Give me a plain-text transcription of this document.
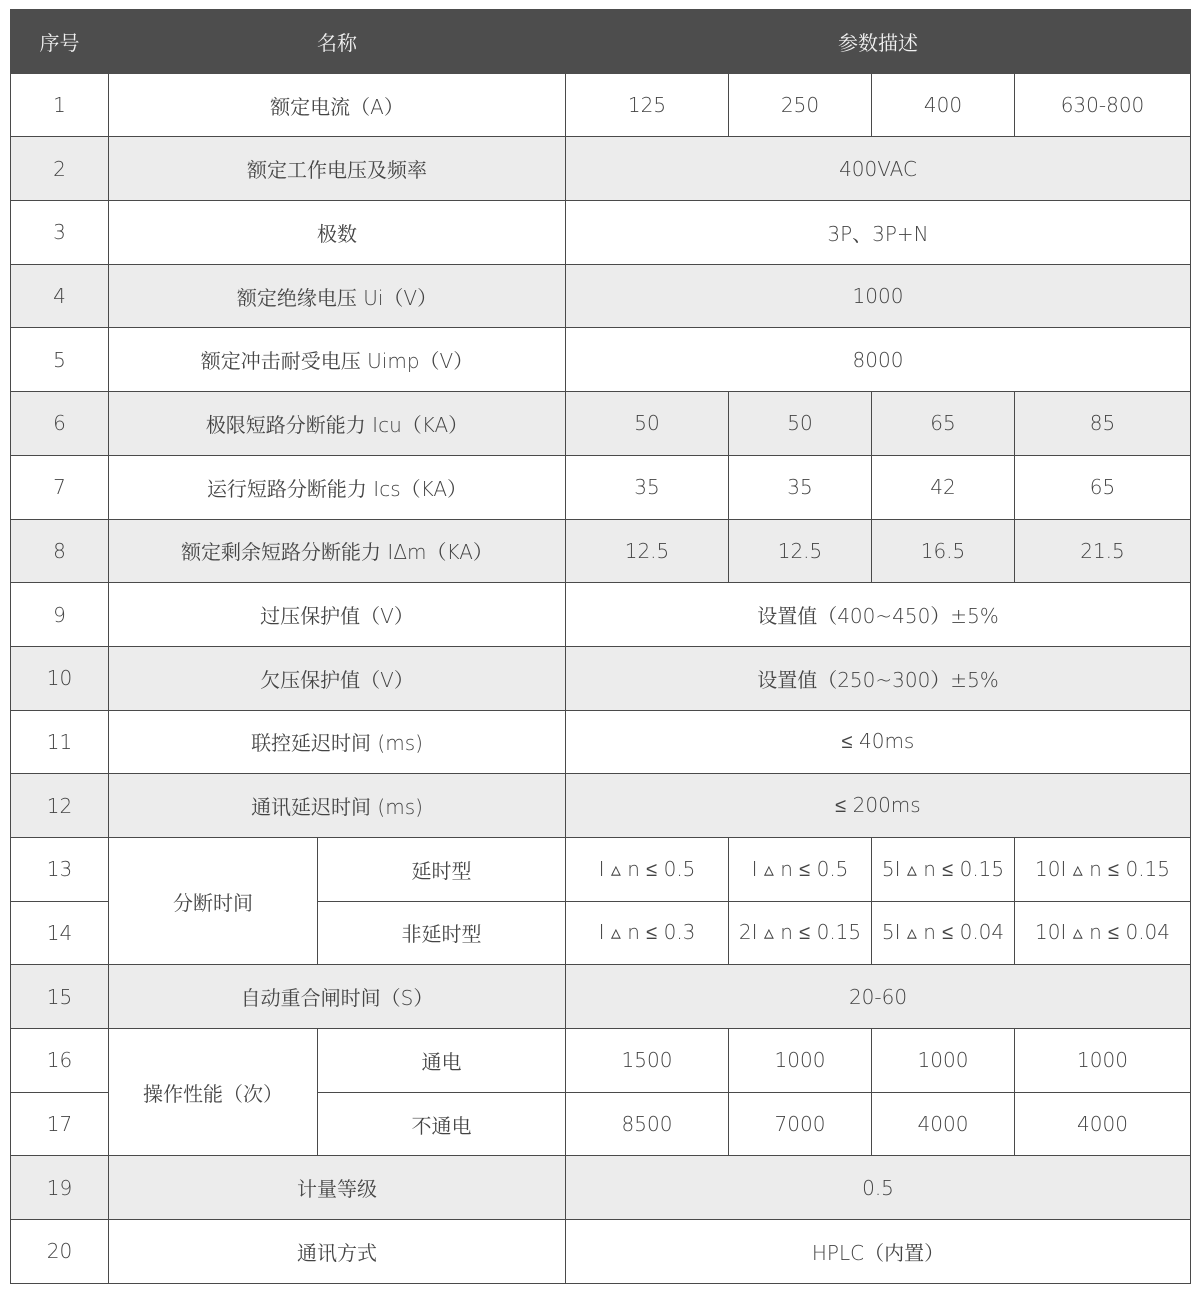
序号	名称		参数描述			
1	额定电流（A）		125	250	400	630-800
2	额定工作电压及频率		400VAC			
3	极数		3P、3P+N			
4	额定绝缘电压 Ui（V）		1000			
5	额定冲击耐受电压 Uimp（V）		8000			
6	极限短路分断能力 Icu（KA）		50	50	65	85
7	运行短路分断能力 Ics（KA）		35	35	42	65
8	额定剩余短路分断能力 IΔm（KA）		12.5	12.5	16.5	21.5
9	过压保护值（V）		设置值（400~450）±5%			
10	欠压保护值（V）		设置值（250~300）±5%			
11	联控延迟时间 (ms)		≤ 40ms			
12	通讯延迟时间 (ms)		≤ 200ms			
13	分断时间	延时型	I ▵ n ≤ 0.5	I ▵ n ≤ 0.5	5I ▵ n ≤ 0.15	10I ▵ n ≤ 0.15
14		非延时型	I ▵ n ≤ 0.3	2I ▵ n ≤ 0.15	5I ▵ n ≤ 0.04	10I ▵ n ≤ 0.04
15	自动重合闸时间（S）		20-60			
16	操作性能（次）	通电	1500	1000	1000	1000
17		不通电	8500	7000	4000	4000
19	计量等级		0.5			
20	通讯方式		HPLC（内置）			
